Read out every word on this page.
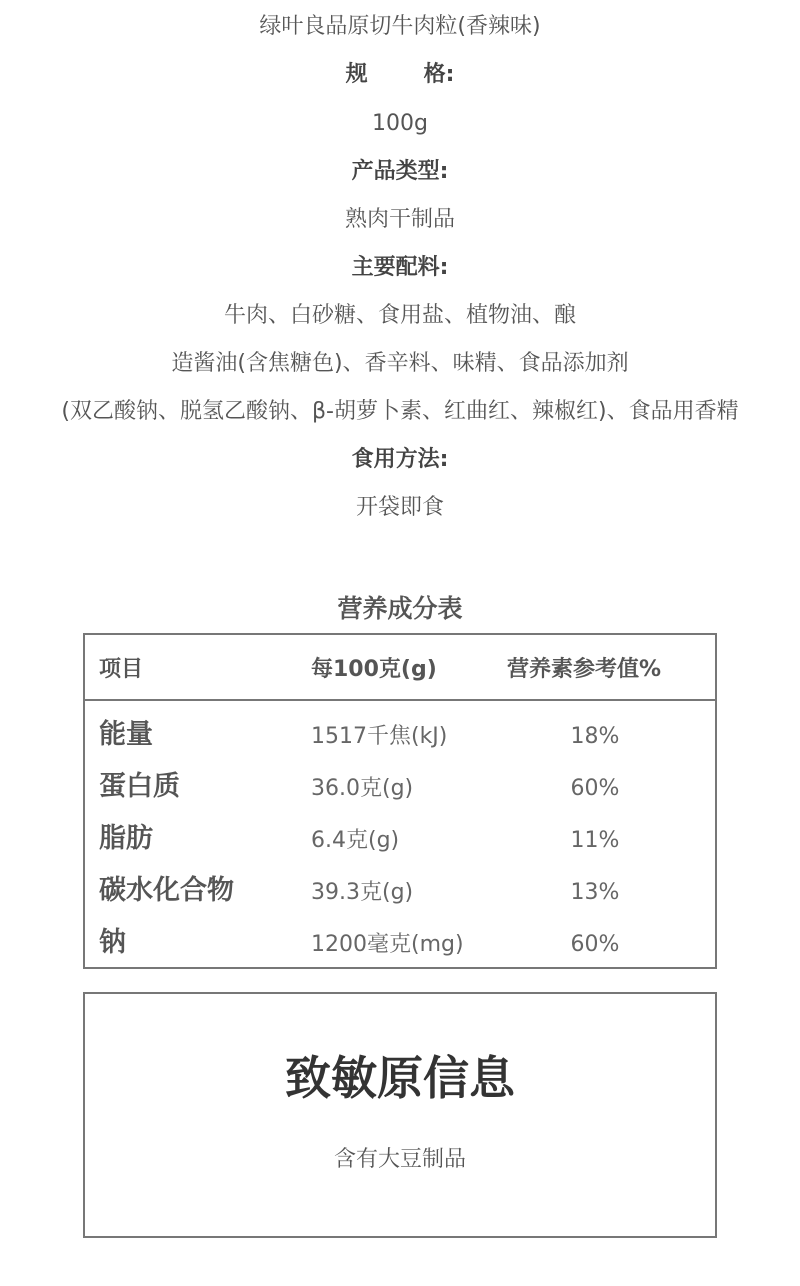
绿叶良品原切牛肉粒(香辣味)
规	格:
100g
产品类型:
熟肉干制品
主要配料:
牛肉、白砂糖、食用盐、植物油、酿
造酱油(含焦糖色)、香辛料、味精、食品添加剂
(双乙酸钠、脱氢乙酸钠、β-胡萝卜素、红曲红、辣椒红)、食品用香精
食用方法:
开袋即食
营养成分表
项目	每100克(g)	营养素参考值%
能量	1517千焦(kJ)	18%
蛋白质	36.0克(g)	60%
脂肪	6.4克(g)	11%
碳水化合物	39.3克(g)	13%
钠	1200毫克(mg)	60%
致敏原信息
含有大豆制品
